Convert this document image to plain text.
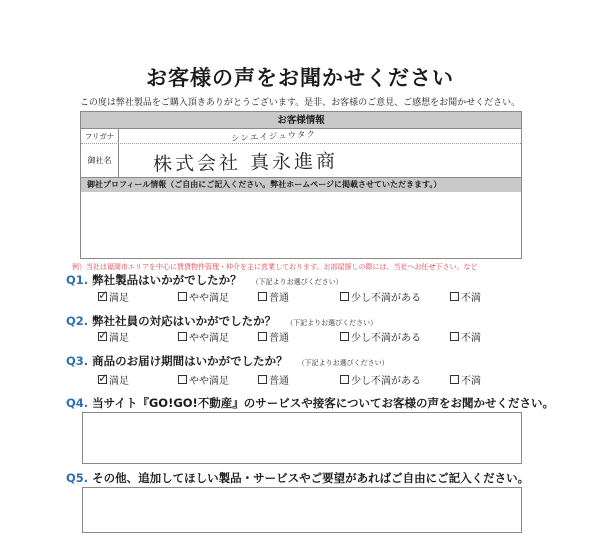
お客様の声をお聞かせください
この度は弊社製品をご購入頂きありがとうございます。是非、お客様のご意見、ご感想をお聞かせください。
お客様情報
フリガナ	シンエイジュウタク
御社名	株式会社 真永進商
御社プロフィール情報（ご自由にご記入ください。弊社ホームページに掲載させていただきます。）
例）当社は福岡市エリアを中心に賃貸物件管理・仲介を主に営業しております。お部屋探しの際には、当社へお任せ下さい。など
Q1. 弊社製品はいかがでしたか？ （下記よりお選びください）
✓ 満足	やや満足	普通	少し不満がある	不満
Q2. 弊社社員の対応はいかがでしたか？ （下記よりお選びください）
✓ 満足	やや満足	普通	少し不満がある	不満
Q3. 商品のお届け期間はいかがでしたか？ （下記よりお選びください）
✓ 満足	やや満足	普通	少し不満がある	不満
Q4. 当サイト『GO!GO!不動産』のサービスや接客についてお客様の声をお聞かせください。
Q5. その他、追加してほしい製品・サービスやご要望があればご自由にご記入ください。
